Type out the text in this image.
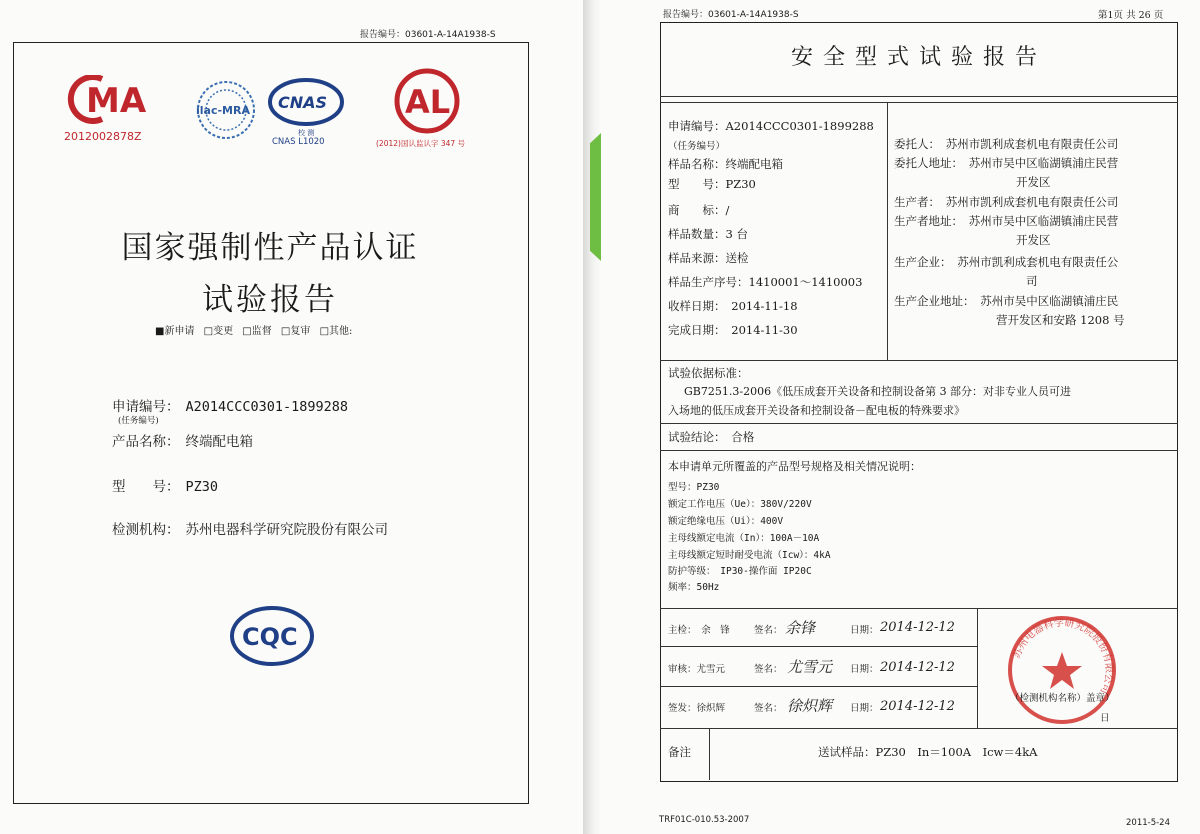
报告编号：03601-A-14A1938-S
MA
2012002878Z
ilac-MRA CNAS
校 测
CNAS L1020
AL
(2012)国认监认字 347 号
国家强制性产品认证
试验报告
■新申请 □变更 □监督 □复审 □其他:
申请编号： A2014CCC0301-1899288
(任务编号)
产品名称： 终端配电箱
型　　号： PZ30
检测机构： 苏州电器科学研究院股份有限公司
CQC
报告编号：03601-A-14A1938-S	第1页 共 26 页
安全型式试验报告
申请编号：A2014CCC0301-1899288
（任务编号）
样品名称：终端配电箱
型　　号：PZ30
商　　标：/
样品数量：3 台
样品来源：送检
样品生产序号：1410001～1410003
收样日期：　2014-11-18
完成日期：　2014-11-30
委托人：　苏州市凯利成套机电有限责任公司
委托人地址：　苏州市吴中区临湖镇浦庄民营
开发区
生产者：　苏州市凯利成套机电有限责任公司
生产者地址：　苏州市吴中区临湖镇浦庄民营
开发区
生产企业：　苏州市凯利成套机电有限责任公
司
生产企业地址：　苏州市吴中区临湖镇浦庄民
营开发区和安路 1208 号
试验依据标准：
GB7251.3-2006《低压成套开关设备和控制设备第 3 部分：对非专业人员可进
入场地的低压成套开关设备和控制设备－配电板的特殊要求》
试验结论：　合格
本申请单元所覆盖的产品型号规格及相关情况说明：
型号：PZ30
额定工作电压（Ue）：380V/220V
额定绝缘电压（Ui）：400V
主母线额定电流（In）：100A－10A
主母线额定短时耐受电流（Icw）：4kA
防护等级：　IP30-操作面 IP20C
频率：50Hz
主检：　余　锋	签名： 余锋	日期： 2014-12-12
审核：尤雪元	签名： 尤雪元 日期： 2014-12-12
签发：徐炽辉	签名： 徐炽辉 日期： 2014-12-12
苏州电器科学研究院股份有限公司
（检测机构名称）盖章）
日
备注	送试样品：PZ30　In＝100A　Icw＝4kA
TRF01C-010.53-2007	2011-5-24
